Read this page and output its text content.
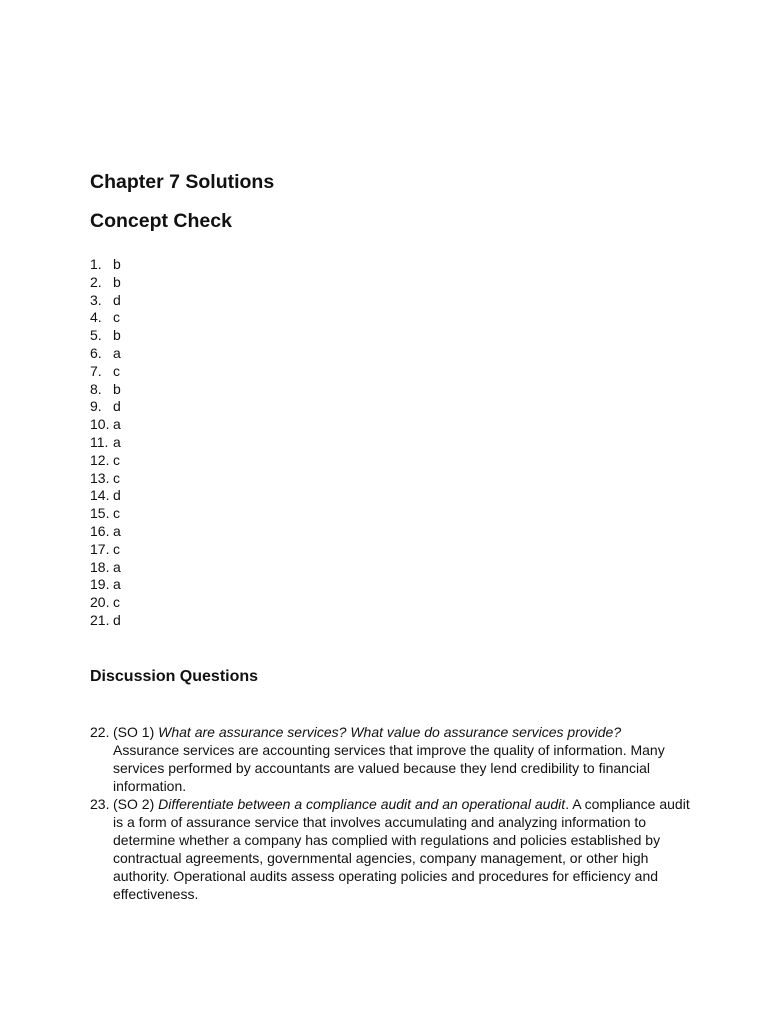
Chapter 7 Solutions
Concept Check
1. b
2. b
3. d
4. c
5. b
6. a
7. c
8. b
9. d
10. a
11. a
12. c
13. c
14. d
15. c
16. a
17. c
18. a
19. a
20. c
21. d
Discussion Questions
22. (SO 1) What are assurance services? What value do assurance services provide? Assurance services are accounting services that improve the quality of information. Many services performed by accountants are valued because they lend credibility to financial information.
23. (SO 2) Differentiate between a compliance audit and an operational audit. A compliance audit is a form of assurance service that involves accumulating and analyzing information to determine whether a company has complied with regulations and policies established by contractual agreements, governmental agencies, company management, or other high authority. Operational audits assess operating policies and procedures for efficiency and effectiveness.
